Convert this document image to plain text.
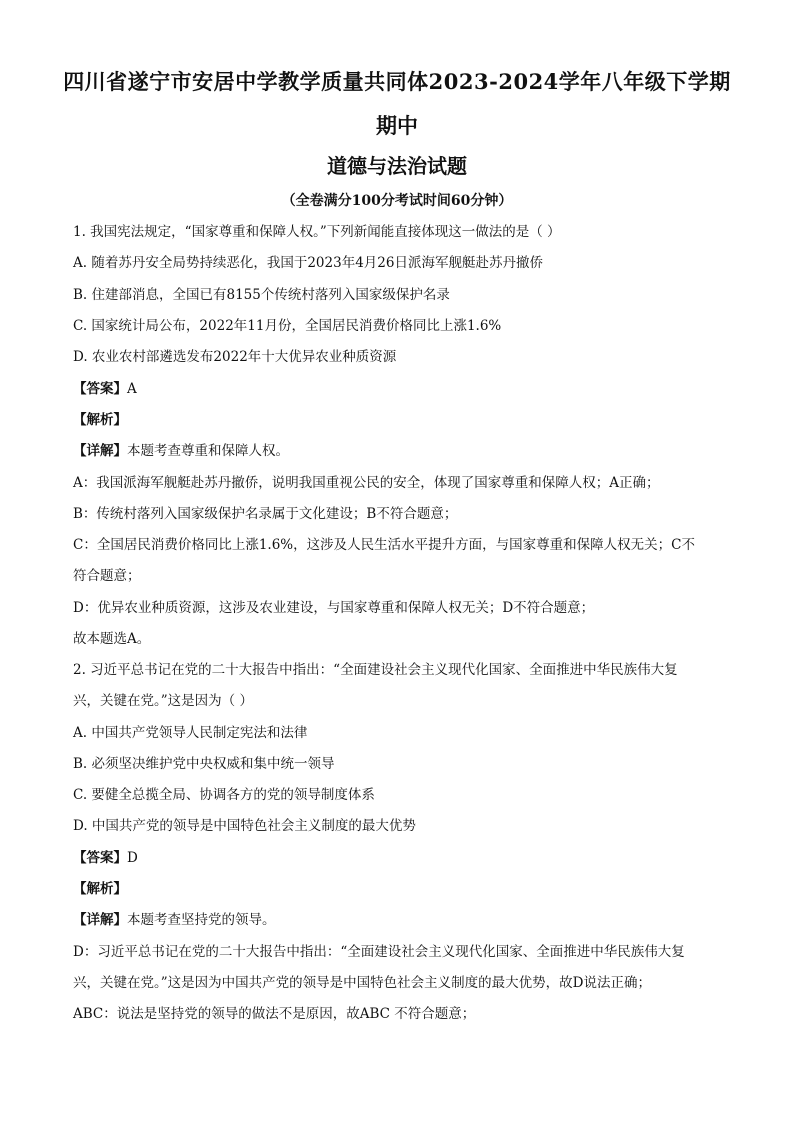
四川省遂宁市安居中学教学质量共同体2023-2024学年八年级下学期
期中
道德与法治试题
（全卷满分100分考试时间60分钟）
1. 我国宪法规定，“国家尊重和保障人权。”下列新闻能直接体现这一做法的是（ ）
A. 随着苏丹安全局势持续恶化，我国于2023年4月26日派海军舰艇赴苏丹撤侨
B. 住建部消息，全国已有8155个传统村落列入国家级保护名录
C. 国家统计局公布，2022年11月份，全国居民消费价格同比上涨1.6%
D. 农业农村部遴选发布2022年十大优异农业种质资源
【答案】A
【解析】
【详解】本题考查尊重和保障人权。
A：我国派海军舰艇赴苏丹撤侨，说明我国重视公民的安全，体现了国家尊重和保障人权；A正确；
B：传统村落列入国家级保护名录属于文化建设；B不符合题意；
C：全国居民消费价格同比上涨1.6%，这涉及人民生活水平提升方面，与国家尊重和保障人权无关；C不
符合题意；
D：优异农业种质资源，这涉及农业建设，与国家尊重和保障人权无关；D不符合题意；
故本题选A。
2. 习近平总书记在党的二十大报告中指出：“全面建设社会主义现代化国家、全面推进中华民族伟大复
兴，关键在党。”这是因为（ ）
A. 中国共产党领导人民制定宪法和法律
B. 必须坚决维护党中央权威和集中统一领导
C. 要健全总揽全局、协调各方的党的领导制度体系
D. 中国共产党的领导是中国特色社会主义制度的最大优势
【答案】D
【解析】
【详解】本题考查坚持党的领导。
D：习近平总书记在党的二十大报告中指出：“全面建设社会主义现代化国家、全面推进中华民族伟大复
兴，关键在党。”这是因为中国共产党的领导是中国特色社会主义制度的最大优势，故D说法正确；
ABC：说法是坚持党的领导的做法不是原因，故ABC 不符合题意；
